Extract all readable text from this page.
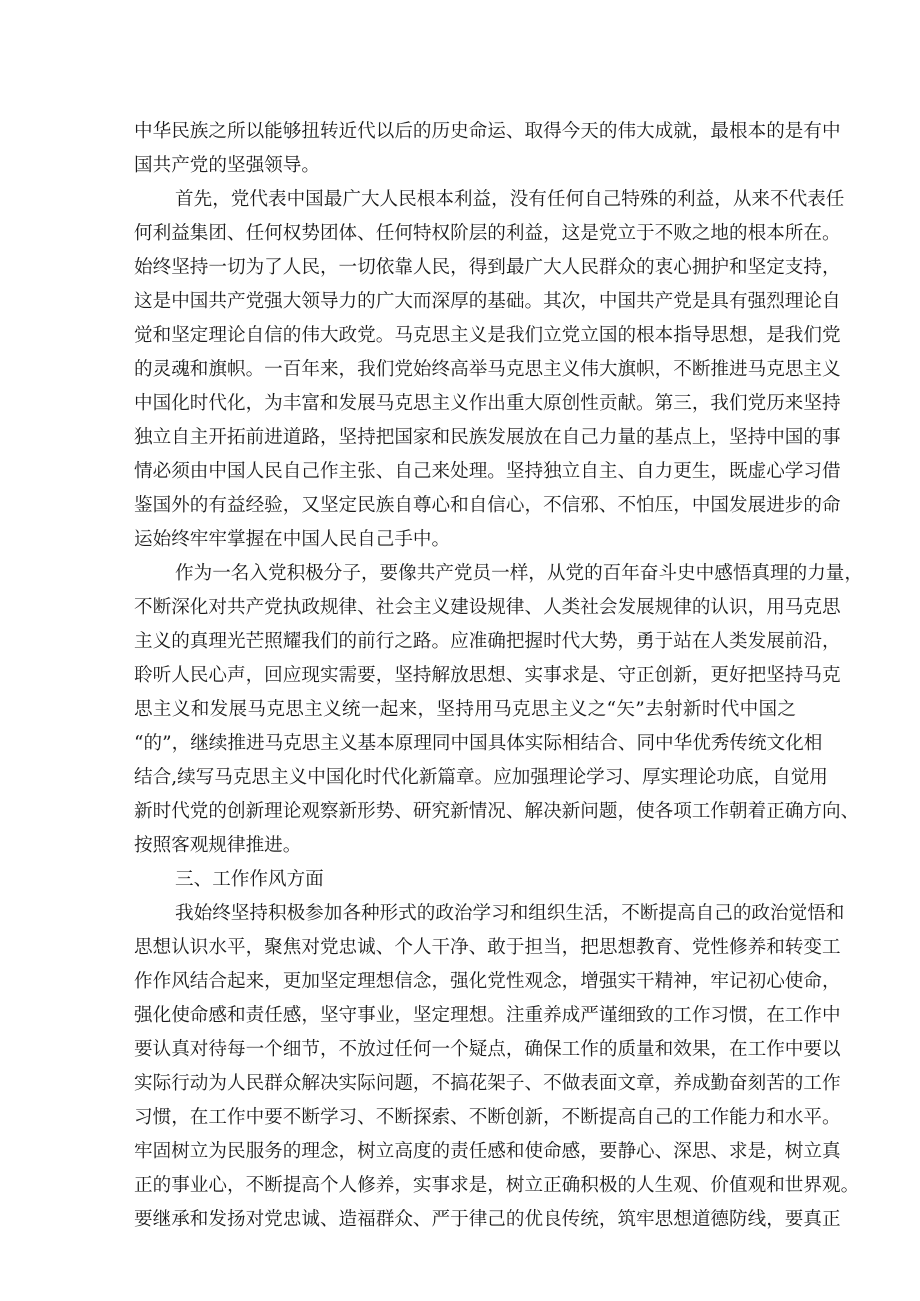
中华民族之所以能够扭转近代以后的历史命运、取得今天的伟大成就，最根本的是有中
国共产党的坚强领导。
首先，党代表中国最广大人民根本利益，没有任何自己特殊的利益，从来不代表任
何利益集团、任何权势团体、任何特权阶层的利益，这是党立于不败之地的根本所在。
始终坚持一切为了人民，一切依靠人民，得到最广大人民群众的衷心拥护和坚定支持，
这是中国共产党强大领导力的广大而深厚的基础。其次，中国共产党是具有强烈理论自
觉和坚定理论自信的伟大政党。马克思主义是我们立党立国的根本指导思想，是我们党
的灵魂和旗帜。一百年来，我们党始终高举马克思主义伟大旗帜，不断推进马克思主义
中国化时代化，为丰富和发展马克思主义作出重大原创性贡献。第三，我们党历来坚持
独立自主开拓前进道路，坚持把国家和民族发展放在自己力量的基点上，坚持中国的事
情必须由中国人民自己作主张、自己来处理。坚持独立自主、自力更生，既虚心学习借
鉴国外的有益经验，又坚定民族自尊心和自信心，不信邪、不怕压，中国发展进步的命
运始终牢牢掌握在中国人民自己手中。
作为一名入党积极分子，要像共产党员一样，从党的百年奋斗史中感悟真理的力量，
不断深化对共产党执政规律、社会主义建设规律、人类社会发展规律的认识，用马克思
主义的真理光芒照耀我们的前行之路。应准确把握时代大势，勇于站在人类发展前沿，
聆听人民心声，回应现实需要，坚持解放思想、实事求是、守正创新，更好把坚持马克
思主义和发展马克思主义统一起来，坚持用马克思主义之“矢”去射新时代中国之
“的”，继续推进马克思主义基本原理同中国具体实际相结合、同中华优秀传统文化相
结合,续写马克思主义中国化时代化新篇章。应加强理论学习、厚实理论功底，自觉用
新时代党的创新理论观察新形势、研究新情况、解决新问题，使各项工作朝着正确方向、
按照客观规律推进。
三、工作作风方面
我始终坚持积极参加各种形式的政治学习和组织生活，不断提高自己的政治觉悟和
思想认识水平，聚焦对党忠诚、个人干净、敢于担当，把思想教育、党性修养和转变工
作作风结合起来，更加坚定理想信念，强化党性观念，增强实干精神，牢记初心使命，
强化使命感和责任感，坚守事业，坚定理想。注重养成严谨细致的工作习惯，在工作中
要认真对待每一个细节，不放过任何一个疑点，确保工作的质量和效果，在工作中要以
实际行动为人民群众解决实际问题，不搞花架子、不做表面文章，养成勤奋刻苦的工作
习惯，在工作中要不断学习、不断探索、不断创新，不断提高自己的工作能力和水平。
牢固树立为民服务的理念，树立高度的责任感和使命感，要静心、深思、求是，树立真
正的事业心，不断提高个人修养，实事求是，树立正确积极的人生观、价值观和世界观。
要继承和发扬对党忠诚、造福群众、严于律己的优良传统，筑牢思想道德防线，要真正
